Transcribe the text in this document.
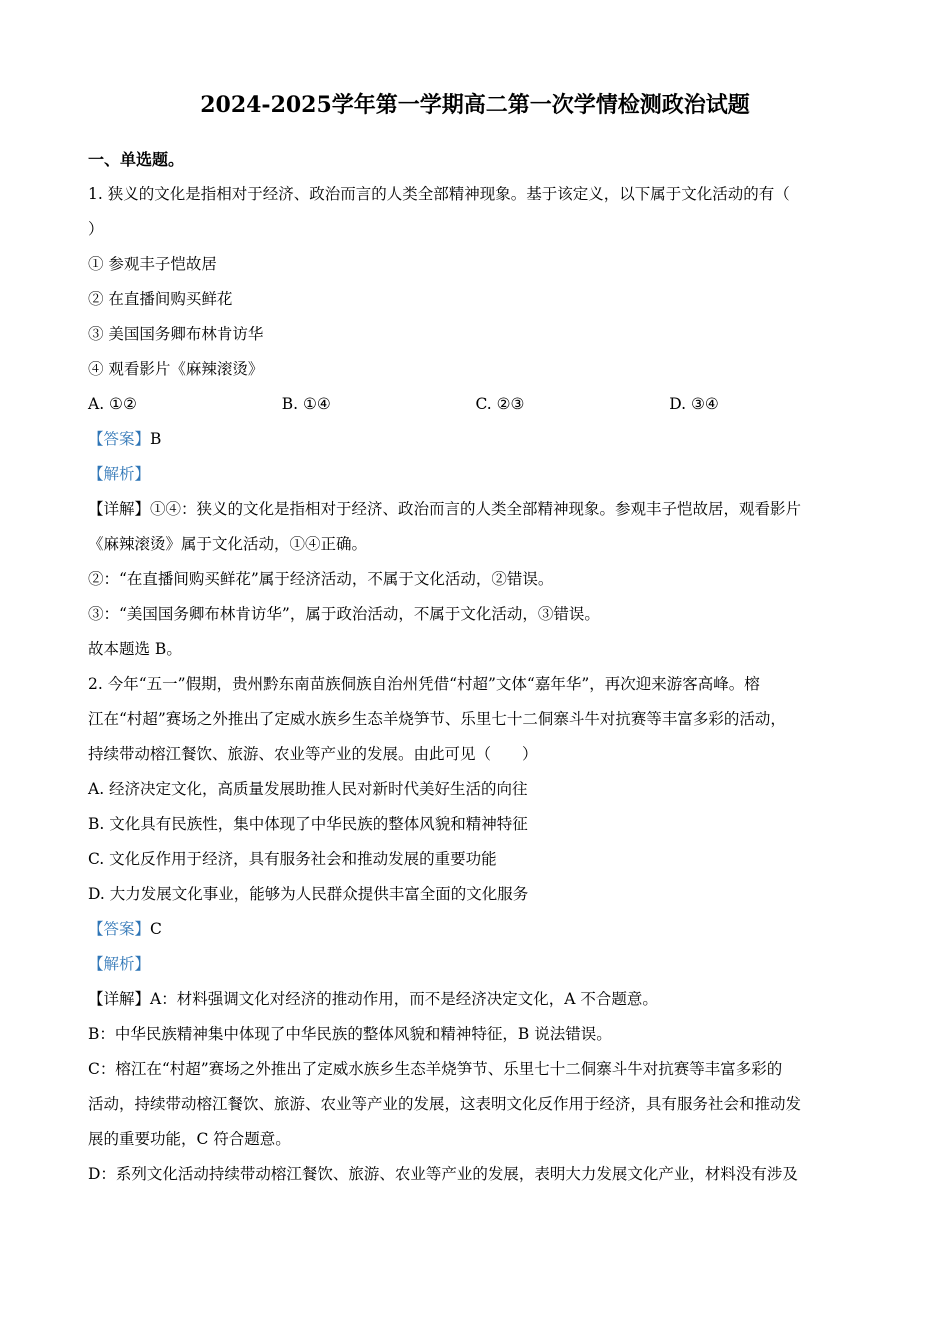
2024-2025学年第一学期高二第一次学情检测政治试题
一、单选题。
1. 狭义的文化是指相对于经济、政治而言的人类全部精神现象。基于该定义，以下属于文化活动的有（
）
① 参观丰子恺故居
② 在直播间购买鲜花
③ 美国国务卿布林肯访华
④ 观看影片《麻辣滚烫》
A. ①②	B. ①④	C. ②③	D. ③④
【答案】B
【解析】
【详解】①④：狭义的文化是指相对于经济、政治而言的人类全部精神现象。参观丰子恺故居，观看影片
《麻辣滚烫》属于文化活动，①④正确。
②：“在直播间购买鲜花”属于经济活动，不属于文化活动，②错误。
③：“美国国务卿布林肯访华”，属于政治活动，不属于文化活动，③错误。
故本题选 B。
2. 今年“五一”假期，贵州黔东南苗族侗族自治州凭借“村超”文体“嘉年华”，再次迎来游客高峰。榕
江在“村超”赛场之外推出了定威水族乡生态羊烧笋节、乐里七十二侗寨斗牛对抗赛等丰富多彩的活动，
持续带动榕江餐饮、旅游、农业等产业的发展。由此可见（　　）
A. 经济决定文化，高质量发展助推人民对新时代美好生活的向往
B. 文化具有民族性，集中体现了中华民族的整体风貌和精神特征
C. 文化反作用于经济，具有服务社会和推动发展的重要功能
D. 大力发展文化事业，能够为人民群众提供丰富全面的文化服务
【答案】C
【解析】
【详解】A：材料强调文化对经济的推动作用，而不是经济决定文化，A 不合题意。
B：中华民族精神集中体现了中华民族的整体风貌和精神特征，B 说法错误。
C：榕江在“村超”赛场之外推出了定威水族乡生态羊烧笋节、乐里七十二侗寨斗牛对抗赛等丰富多彩的
活动，持续带动榕江餐饮、旅游、农业等产业的发展，这表明文化反作用于经济，具有服务社会和推动发
展的重要功能，C 符合题意。
D：系列文化活动持续带动榕江餐饮、旅游、农业等产业的发展，表明大力发展文化产业，材料没有涉及
